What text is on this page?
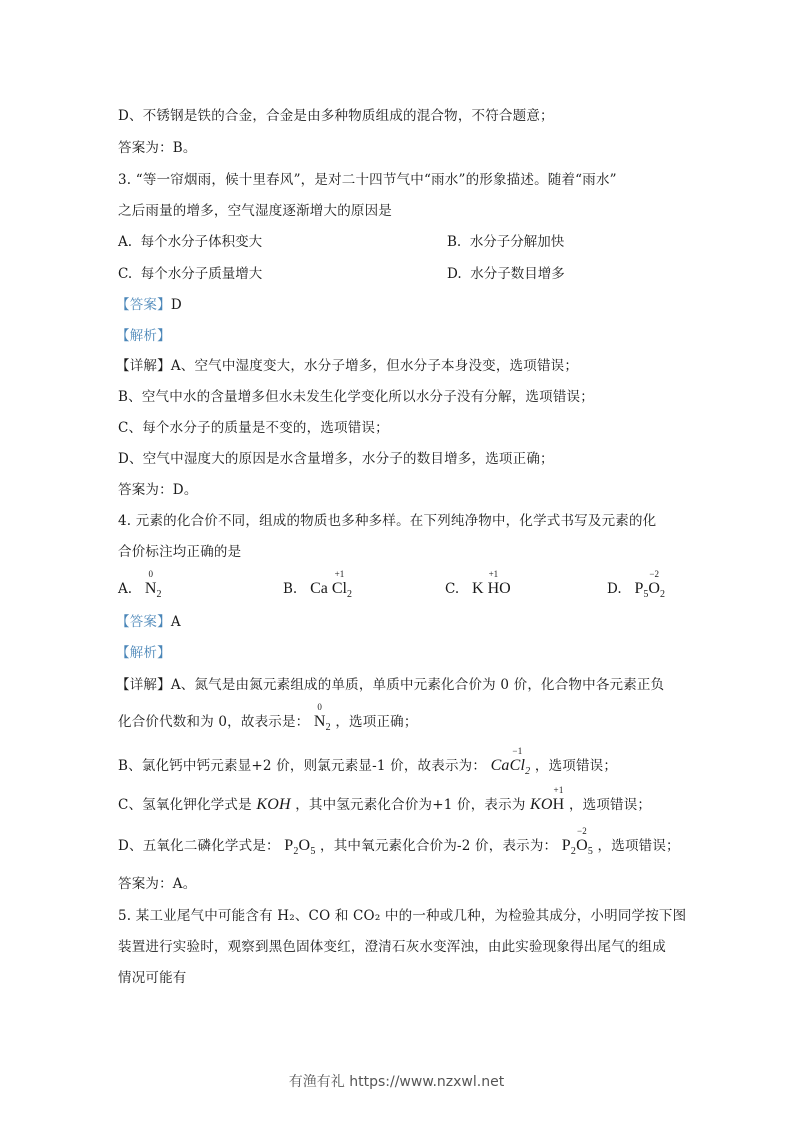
D、不锈钢是铁的合金，合金是由多种物质组成的混合物，不符合题意；
答案为：B。
3. “等一帘烟雨，候十里春风”，是对二十四节气中“雨水”的形象描述。随着“雨水”
之后雨量的增多，空气湿度逐渐增大的原因是
A. 每个水分子体积变大	B. 水分子分解加快
C. 每个水分子质量增大	D. 水分子数目增多
【答案】D
【解析】
【详解】A、空气中湿度变大，水分子增多，但水分子本身没变，选项错误；
B、空气中水的含量增多但水未发生化学变化所以水分子没有分解，选项错误；
C、每个水分子的质量是不变的，选项错误；
D、空气中湿度大的原因是水含量增多，水分子的数目增多，选项正确；
答案为：D。
4. 元素的化合价不同，组成的物质也多种多样。在下列纯净物中，化学式书写及元素的化
合价标注均正确的是
A.
0
$N_2$	B. Ca
+1
$Cl_2$	C. K
+1
HO	D. $P_5$
−2
$O_2$
【答案】A
【解析】
【详解】A、氮气是由氮元素组成的单质，单质中元素化合价为 0 价，化合物中各元素正负
化合价代数和为 0，故表示是：
0
$N_2$ ，选项正确；
B、氯化钙中钙元素显+2 价，则氯元素显-1 价，故表示为： Ca
−1
$Cl_2$ ，选项错误；
C、氢氧化钾化学式是 KOH ，其中氢元素化合价为+1 价，表示为 KO
+1
H ，选项错误；
D、五氧化二磷化学式是： $P_2O_5$ ，其中氧元素化合价为-2 价，表示为： $P_2$
−2
$O_5$ ，选项错误；
答案为：A。
5. 某工业尾气中可能含有 H₂、CO 和 CO₂ 中的一种或几种，为检验其成分，小明同学按下图
装置进行实验时，观察到黑色固体变红，澄清石灰水变浑浊，由此实验现象得出尾气的组成
情况可能有
有渔有礼 https://www.nzxwl.net
